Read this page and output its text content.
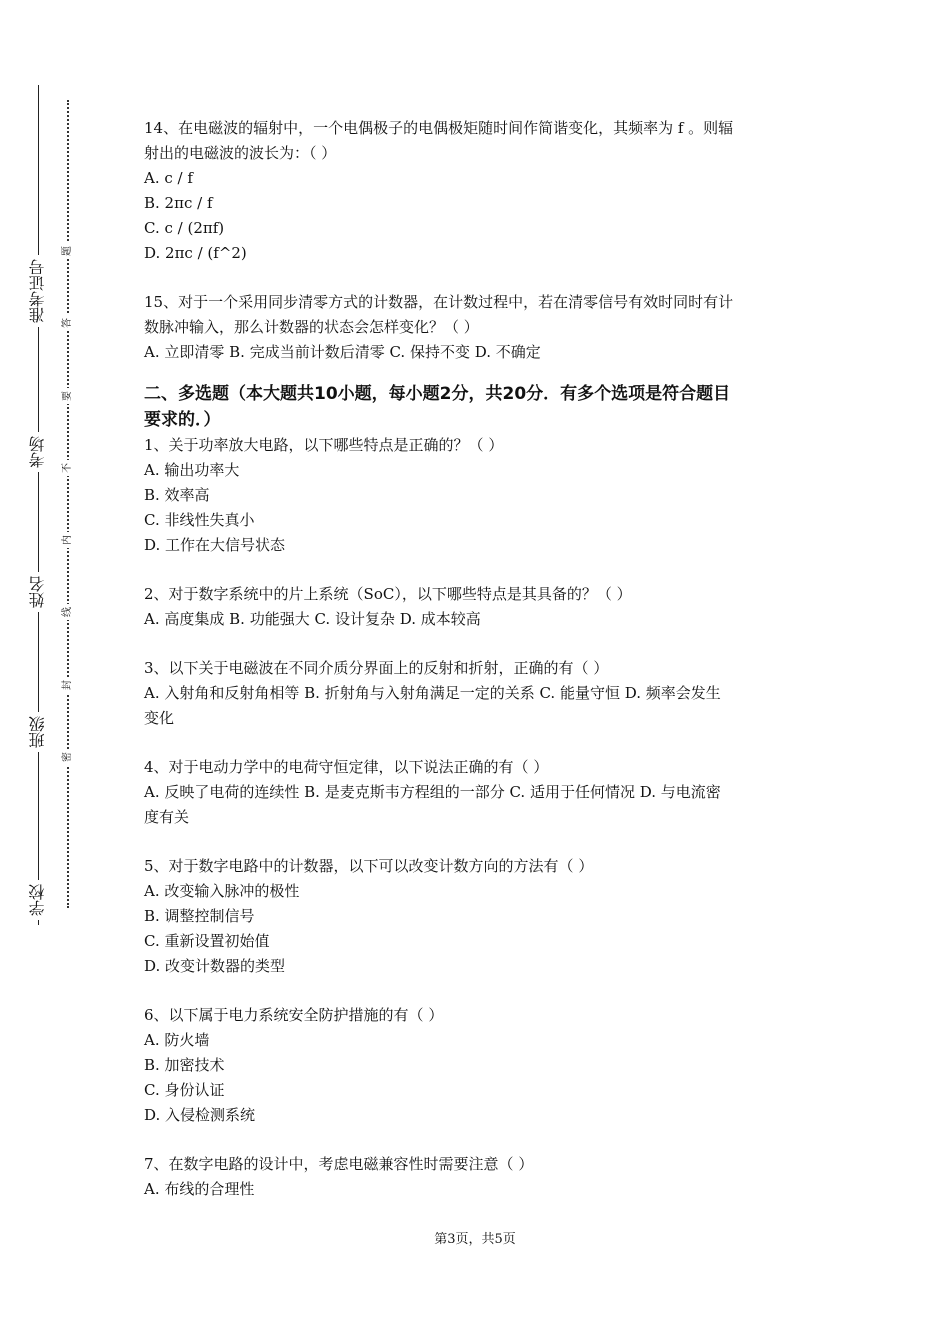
准考证号
考场
姓名
班级
学校
题
答
要
不
内
线
封
密
14、在电磁波的辐射中，一个电偶极子的电偶极矩随时间作简谐变化，其频率为 f 。则辐
射出的电磁波的波长为：（ ）
A. c / f
B. 2πc / f
C. c / (2πf)
D. 2πc / (f^2)
15、对于一个采用同步清零方式的计数器，在计数过程中，若在清零信号有效时同时有计
数脉冲输入，那么计数器的状态会怎样变化？（ ）
A. 立即清零 B. 完成当前计数后清零 C. 保持不变 D. 不确定
二、多选题（本大题共10小题，每小题2分，共20分．有多个选项是符合题目
要求的．）
1、关于功率放大电路，以下哪些特点是正确的？（ ）
A. 输出功率大
B. 效率高
C. 非线性失真小
D. 工作在大信号状态
2、对于数字系统中的片上系统（SoC），以下哪些特点是其具备的？（ ）
A. 高度集成 B. 功能强大 C. 设计复杂 D. 成本较高
3、以下关于电磁波在不同介质分界面上的反射和折射，正确的有（ ）
A. 入射角和反射角相等 B. 折射角与入射角满足一定的关系 C. 能量守恒 D. 频率会发生
变化
4、对于电动力学中的电荷守恒定律，以下说法正确的有（ ）
A. 反映了电荷的连续性 B. 是麦克斯韦方程组的一部分 C. 适用于任何情况 D. 与电流密
度有关
5、对于数字电路中的计数器，以下可以改变计数方向的方法有（ ）
A. 改变输入脉冲的极性
B. 调整控制信号
C. 重新设置初始值
D. 改变计数器的类型
6、以下属于电力系统安全防护措施的有（ ）
A. 防火墙
B. 加密技术
C. 身份认证
D. 入侵检测系统
7、在数字电路的设计中，考虑电磁兼容性时需要注意（ ）
A. 布线的合理性
第3页，共5页
